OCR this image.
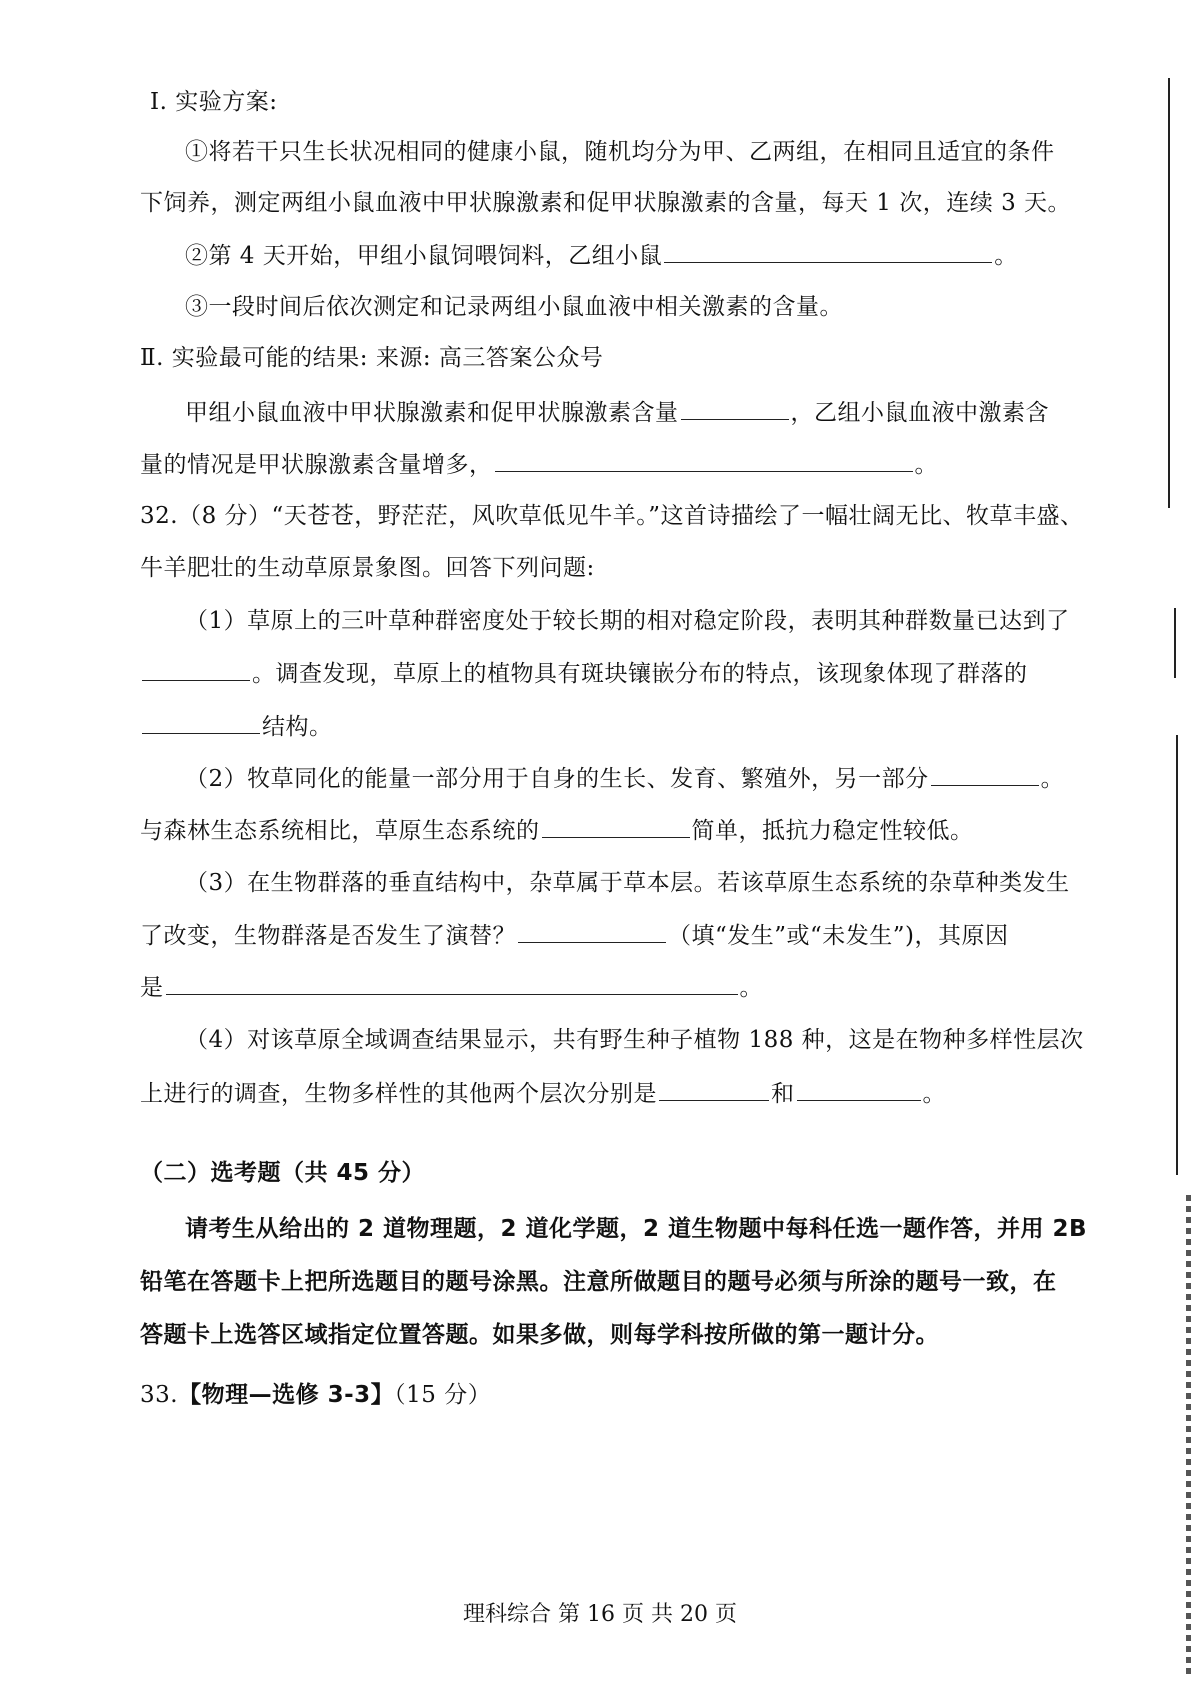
Ⅰ. 实验方案:
①将若干只生长状况相同的健康小鼠，随机均分为甲、乙两组，在相同且适宜的条件
下饲养，测定两组小鼠血液中甲状腺激素和促甲状腺激素的含量，每天 1 次，连续 3 天。
②第 4 天开始，甲组小鼠饲喂饲料，乙组小鼠	。
③一段时间后依次测定和记录两组小鼠血液中相关激素的含量。
Ⅱ. 实验最可能的结果: 来源: 高三答案公众号
甲组小鼠血液中甲状腺激素和促甲状腺激素含量	，乙组小鼠血液中激素含
量的情况是甲状腺激素含量增多，	。
32.（8 分）“天苍苍，野茫茫，风吹草低见牛羊。”这首诗描绘了一幅壮阔无比、牧草丰盛、
牛羊肥壮的生动草原景象图。回答下列问题:
（1）草原上的三叶草种群密度处于较长期的相对稳定阶段，表明其种群数量已达到了
。调查发现，草原上的植物具有斑块镶嵌分布的特点，该现象体现了群落的
结构。
（2）牧草同化的能量一部分用于自身的生长、发育、繁殖外，另一部分	。
与森林生态系统相比，草原生态系统的	简单，抵抗力稳定性较低。
（3）在生物群落的垂直结构中，杂草属于草本层。若该草原生态系统的杂草种类发生
了改变，生物群落是否发生了演替？	（填“发生”或“未发生”)，其原因
是	。
（4）对该草原全域调查结果显示，共有野生种子植物 188 种，这是在物种多样性层次
上进行的调查，生物多样性的其他两个层次分别是	和	。
（二）选考题（共 45 分）
请考生从给出的 2 道物理题，2 道化学题，2 道生物题中每科任选一题作答，并用 2B
铅笔在答题卡上把所选题目的题号涂黑。注意所做题目的题号必须与所涂的题号一致，在
答题卡上选答区域指定位置答题。如果多做，则每学科按所做的第一题计分。
33.【物理—选修 3-3】（15 分）
理科综合 第 16 页 共 20 页
